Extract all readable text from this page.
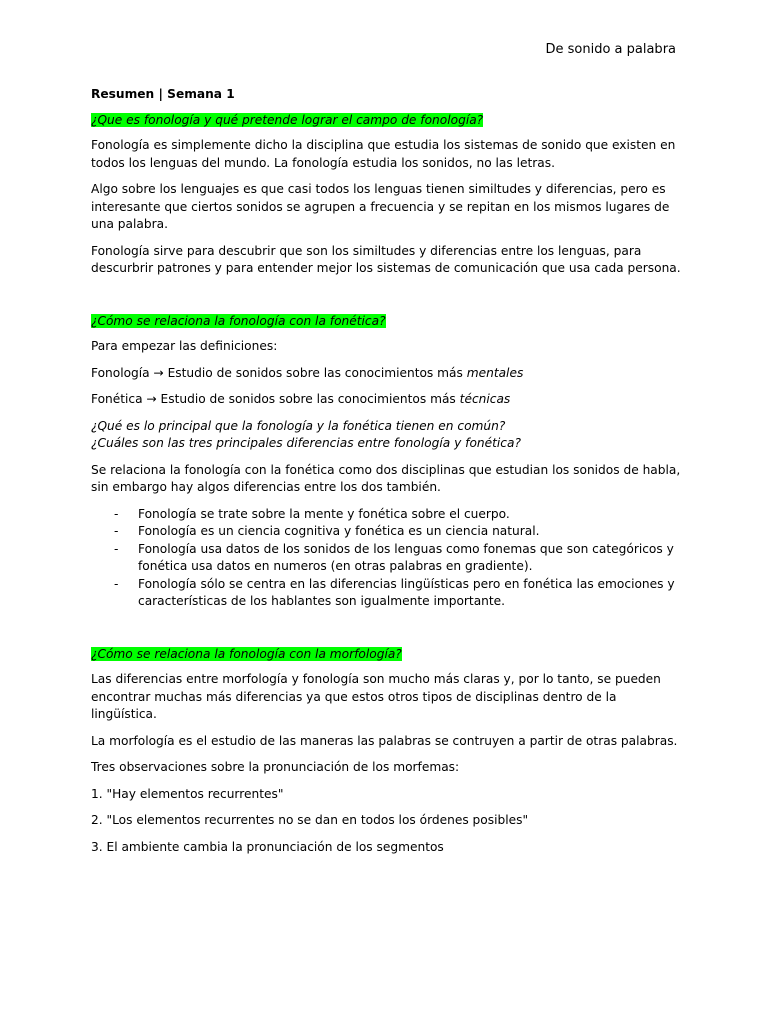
De sonido a palabra
Resumen | Semana 1
¿Que es fonología y qué pretende lograr el campo de fonología?

Fonología es simplemente dicho la disciplina que estudia los sistemas de sonido que existen en todos los lenguas del mundo. La fonología estudia los sonidos, no las letras.

Algo sobre los lenguajes es que casi todos los lenguas tienen similtudes y diferencias, pero es interesante que ciertos sonidos se agrupen a frecuencia y se repitan en los mismos lugares de una palabra.

Fonología sirve para descubrir que son los similtudes y diferencias entre los lenguas, para descurbrir patrones y para entender mejor los sistemas de comunicación que usa cada persona.

¿Cómo se relaciona la fonología con la fonética?

Para empezar las definiciones:

Fonología → Estudio de sonidos sobre las conocimientos más mentales

Fonética → Estudio de sonidos sobre las conocimientos más técnicas

¿Qué es lo principal que la fonología y la fonética tienen en común?
¿Cuáles son las tres principales diferencias entre fonología y fonética?

Se relaciona la fonología con la fonética como dos disciplinas que estudian los sonidos de habla, sin embargo hay algos diferencias entre los dos también.

- Fonología se trate sobre la mente y fonética sobre el cuerpo.
- Fonología es un ciencia cognitiva y fonética es un ciencia natural.
- Fonología usa datos de los sonidos de los lenguas como fonemas que son categóricos y fonética usa datos en numeros (en otras palabras en gradiente).
- Fonología sólo se centra en las diferencias lingüísticas pero en fonética las emociones y características de los hablantes son igualmente importante.
¿Cómo se relaciona la fonología con la morfología?

Las diferencias entre morfología y fonología son mucho más claras y, por lo tanto, se pueden encontrar muchas más diferencias ya que estos otros tipos de disciplinas dentro de la lingüística.

La morfología es el estudio de las maneras las palabras se contruyen a partir de otras palabras.

Tres observaciones sobre la pronunciación de los morfemas:

1. "Hay elementos recurrentes"

2. "Los elementos recurrentes no se dan en todos los órdenes posibles"

3. El ambiente cambia la pronunciación de los segmentos
